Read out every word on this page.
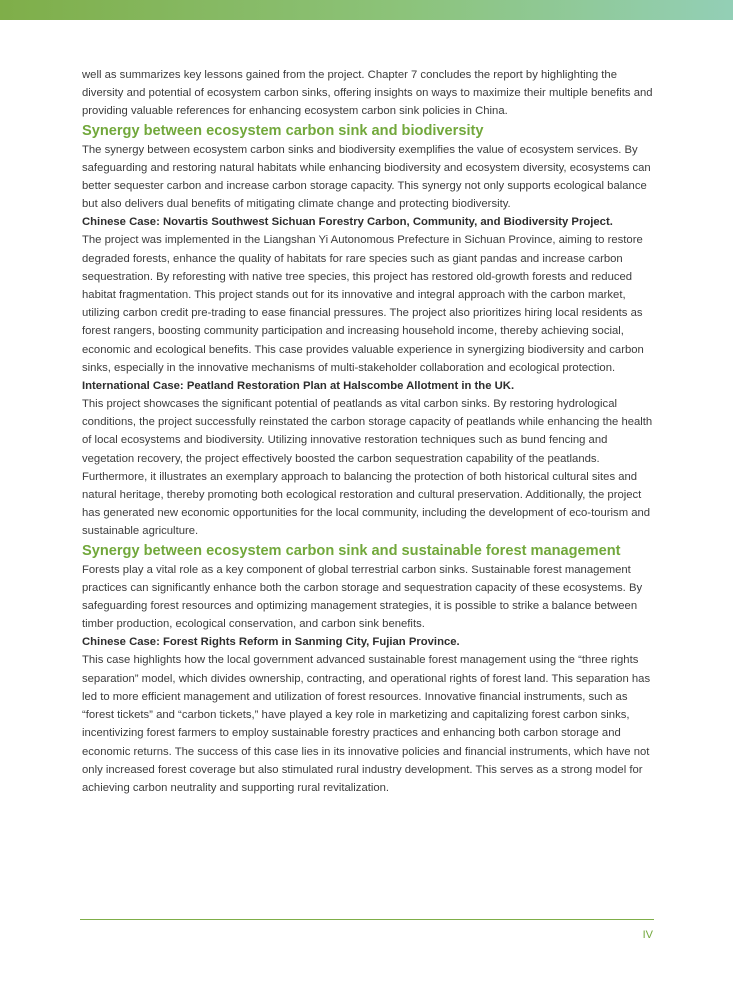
well as summarizes key lessons gained from the project. Chapter 7 concludes the report by highlighting the diversity and potential of ecosystem carbon sinks, offering insights on ways to maximize their multiple benefits and providing valuable references for enhancing ecosystem carbon sink policies in China.

Synergy between ecosystem carbon sink and biodiversity

The synergy between ecosystem carbon sinks and biodiversity exemplifies the value of ecosystem services. By safeguarding and restoring natural habitats while enhancing biodiversity and ecosystem diversity, ecosystems can better sequester carbon and increase carbon storage capacity. This synergy not only supports ecological balance but also delivers dual benefits of mitigating climate change and protecting biodiversity.

Chinese Case: Novartis Southwest Sichuan Forestry Carbon, Community, and Biodiversity Project.

The project was implemented in the Liangshan Yi Autonomous Prefecture in Sichuan Province, aiming to restore degraded forests, enhance the quality of habitats for rare species such as giant pandas and increase carbon sequestration. By reforesting with native tree species, this project has restored old-growth forests and reduced habitat fragmentation. This project stands out for its innovative and integral approach with the carbon market, utilizing carbon credit pre-trading to ease financial pressures. The project also prioritizes hiring local residents as forest rangers, boosting community participation and increasing household income, thereby achieving social, economic and ecological benefits. This case provides valuable experience in synergizing biodiversity and carbon sinks, especially in the innovative mechanisms of multi-stakeholder collaboration and ecological protection.

International Case: Peatland Restoration Plan at Halscombe Allotment in the UK.

This project showcases the significant potential of peatlands as vital carbon sinks. By restoring hydrological conditions, the project successfully reinstated the carbon storage capacity of peatlands while enhancing the health of local ecosystems and biodiversity. Utilizing innovative restoration techniques such as bund fencing and vegetation recovery, the project effectively boosted the carbon sequestration capability of the peatlands. Furthermore, it illustrates an exemplary approach to balancing the protection of both historical cultural sites and natural heritage, thereby promoting both ecological restoration and cultural preservation. Additionally, the project has generated new economic opportunities for the local community, including the development of eco-tourism and sustainable agriculture.

Synergy between ecosystem carbon sink and sustainable forest management

Forests play a vital role as a key component of global terrestrial carbon sinks. Sustainable forest management practices can significantly enhance both the carbon storage and sequestration capacity of these ecosystems. By safeguarding forest resources and optimizing management strategies, it is possible to strike a balance between timber production, ecological conservation, and carbon sink benefits.

Chinese Case: Forest Rights Reform in Sanming City, Fujian Province.

This case highlights how the local government advanced sustainable forest management using the “three rights separation” model, which divides ownership, contracting, and operational rights of forest land. This separation has led to more efficient management and utilization of forest resources. Innovative financial instruments, such as “forest tickets” and “carbon tickets,” have played a key role in marketizing and capitalizing forest carbon sinks, incentivizing forest farmers to employ sustainable forestry practices and enhancing both carbon storage and economic returns. The success of this case lies in its innovative policies and financial instruments, which have not only increased forest coverage but also stimulated rural industry development. This serves as a strong model for achieving carbon neutrality and supporting rural revitalization.

IV
